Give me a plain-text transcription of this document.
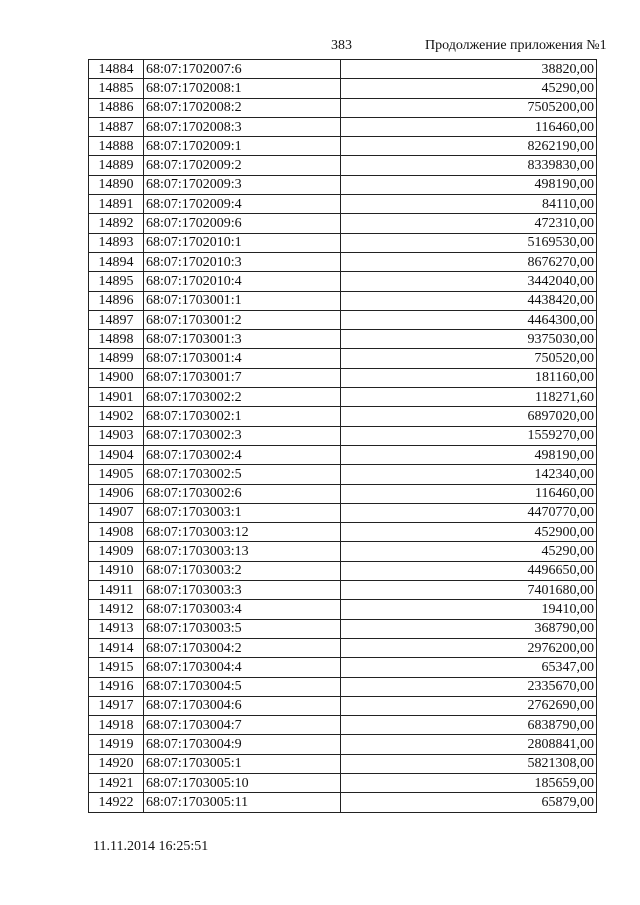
383	Продолжение приложения №1
14884	68:07:1702007:6	38820,00
14885	68:07:1702008:1	45290,00
14886	68:07:1702008:2	7505200,00
14887	68:07:1702008:3	116460,00
14888	68:07:1702009:1	8262190,00
14889	68:07:1702009:2	8339830,00
14890	68:07:1702009:3	498190,00
14891	68:07:1702009:4	84110,00
14892	68:07:1702009:6	472310,00
14893	68:07:1702010:1	5169530,00
14894	68:07:1702010:3	8676270,00
14895	68:07:1702010:4	3442040,00
14896	68:07:1703001:1	4438420,00
14897	68:07:1703001:2	4464300,00
14898	68:07:1703001:3	9375030,00
14899	68:07:1703001:4	750520,00
14900	68:07:1703001:7	181160,00
14901	68:07:1703002:2	118271,60
14902	68:07:1703002:1	6897020,00
14903	68:07:1703002:3	1559270,00
14904	68:07:1703002:4	498190,00
14905	68:07:1703002:5	142340,00
14906	68:07:1703002:6	116460,00
14907	68:07:1703003:1	4470770,00
14908	68:07:1703003:12	452900,00
14909	68:07:1703003:13	45290,00
14910	68:07:1703003:2	4496650,00
14911	68:07:1703003:3	7401680,00
14912	68:07:1703003:4	19410,00
14913	68:07:1703003:5	368790,00
14914	68:07:1703004:2	2976200,00
14915	68:07:1703004:4	65347,00
14916	68:07:1703004:5	2335670,00
14917	68:07:1703004:6	2762690,00
14918	68:07:1703004:7	6838790,00
14919	68:07:1703004:9	2808841,00
14920	68:07:1703005:1	5821308,00
14921	68:07:1703005:10	185659,00
14922	68:07:1703005:11	65879,00
11.11.2014 16:25:51
